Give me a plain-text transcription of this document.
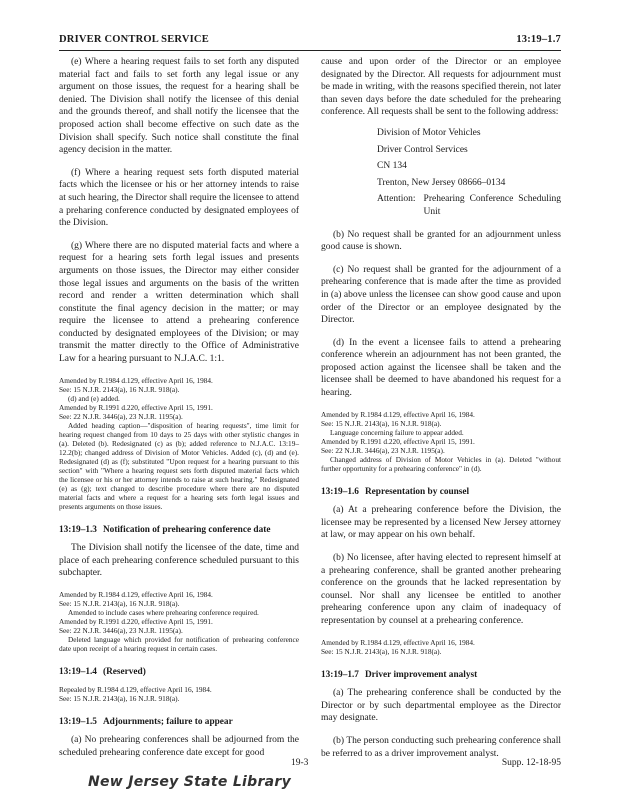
DRIVER CONTROL SERVICE	13:19–1.7

(e) Where a hearing request fails to set forth any disputed material fact and fails to set forth any legal issue or any argument on those issues, the request for a hearing shall be denied. The Division shall notify the licensee of this denial and the grounds thereof, and shall notify the licensee that the proposed action shall become effective on such date as the Division shall specify. Such notice shall constitute the final agency decision in the matter.

(f) Where a hearing request sets forth disputed material facts which the licensee or his or her attorney intends to raise at such hearing, the Director shall require the licensee to attend a preharing conference conducted by designated employees of the Division.

(g) Where there are no disputed material facts and where a request for a hearing sets forth legal issues and presents arguments on those issues, the Director may either consider those legal issues and arguments on the basis of the written record and render a written determination which shall constitute the final agency decision in the matter; or may require the licensee to attend a prehearing conference conducted by designated employees of the Division; or may transmit the matter directly to the Office of Administrative Law for a hearing pursuant to N.J.A.C. 1:1.

Amended by R.1984 d.129, effective April 16, 1984.
See: 15 N.J.R. 2143(a), 16 N.J.R. 918(a).
(d) and (e) added.
Amended by R.1991 d.220, effective April 15, 1991.
See: 22 N.J.R. 3446(a), 23 N.J.R. 1195(a).
Added heading caption—"disposition of hearing requests", time limit for hearing request changed from 10 days to 25 days with other stylistic changes in (a). Deleted (b). Redesignated (c) as (b); added reference to N.J.A.C. 13:19–12.2(b); changed address of Division of Motor Vehicles. Added (c), (d) and (e). Redesignated (d) as (f); substituted "Upon request for a hearing pursuant to this section" with "Where a hearing request sets forth disputed material facts which the licensee or his or her attorney intends to raise at such hearing." Redesignated (e) as (g); text changed to describe procedure where there are no disputed material facts and where a request for a hearing sets forth legal issues and presents arguments on those issues.
13:19–1.3 Notification of prehearing conference date

The Division shall notify the licensee of the date, time and place of each prehearing conference scheduled pursuant to this subchapter.

Amended by R.1984 d.129, effective April 16, 1984.
See: 15 N.J.R. 2143(a), 16 N.J.R. 918(a).
Amended to include cases where prehearing conference required.
Amended by R.1991 d.220, effective April 15, 1991.
See: 22 N.J.R. 3446(a), 23 N.J.R. 1195(a).
Deleted language which provided for notification of prehearing conference date upon receipt of a hearing request in certain cases.
13:19–1.4 (Reserved)
Repealed by R.1984 d.129, effective April 16, 1984.
See: 15 N.J.R. 2143(a), 16 N.J.R. 918(a).
13:19–1.5 Adjournments; failure to appear

(a) No prehearing conferences shall be adjourned from the scheduled prehearing conference date except for good

cause and upon order of the Director or an employee designated by the Director. All requests for adjournment must be made in writing, with the reasons specified therein, not later than seven days before the date scheduled for the prehearing conference. All requests shall be sent to the following address:

Division of Motor Vehicles
Driver Control Services
CN 134
Trenton, New Jersey 08666–0134
Attention: Prehearing Conference Scheduling Unit

(b) No request shall be granted for an adjournment unless good cause is shown.

(c) No request shall be granted for the adjournment of a prehearing conference that is made after the time as provided in (a) above unless the licensee can show good cause and upon order of the Director or an employee designated by the Director.

(d) In the event a licensee fails to attend a prehearing conference wherein an adjournment has not been granted, the proposed action against the licensee shall be taken and the licensee shall be deemed to have abandoned his request for a hearing.

Amended by R.1984 d.129, effective April 16, 1984.
See: 15 N.J.R. 2143(a), 16 N.J.R. 918(a).
Language concerning failure to appear added.
Amended by R.1991 d.220, effective April 15, 1991.
See: 22 N.J.R. 3446(a), 23 N.J.R. 1195(a).
Changed address of Division of Motor Vehicles in (a). Deleted "without further opportunity for a prehearing conference" in (d).
13:19–1.6 Representation by counsel

(a) At a prehearing conference before the Division, the licensee may be represented by a licensed New Jersey attorney at law, or may appear on his own behalf.

(b) No licensee, after having elected to represent himself at a prehearing conference, shall be granted another prehearing conference on the grounds that he lacked representation by counsel. Nor shall any licensee be entitled to another prehearing conference upon any claim of inadequacy of representation by counsel at a prehearing conference.

Amended by R.1984 d.129, effective April 16, 1984.
See: 15 N.J.R. 2143(a), 16 N.J.R. 918(a).
13:19–1.7 Driver improvement analyst

(a) The prehearing conference shall be conducted by the Director or by such departmental employee as the Director may designate.

(b) The person conducting such prehearing conference shall be referred to as a driver improvement analyst.

19-3	Supp. 12-18-95
New Jersey State Library
